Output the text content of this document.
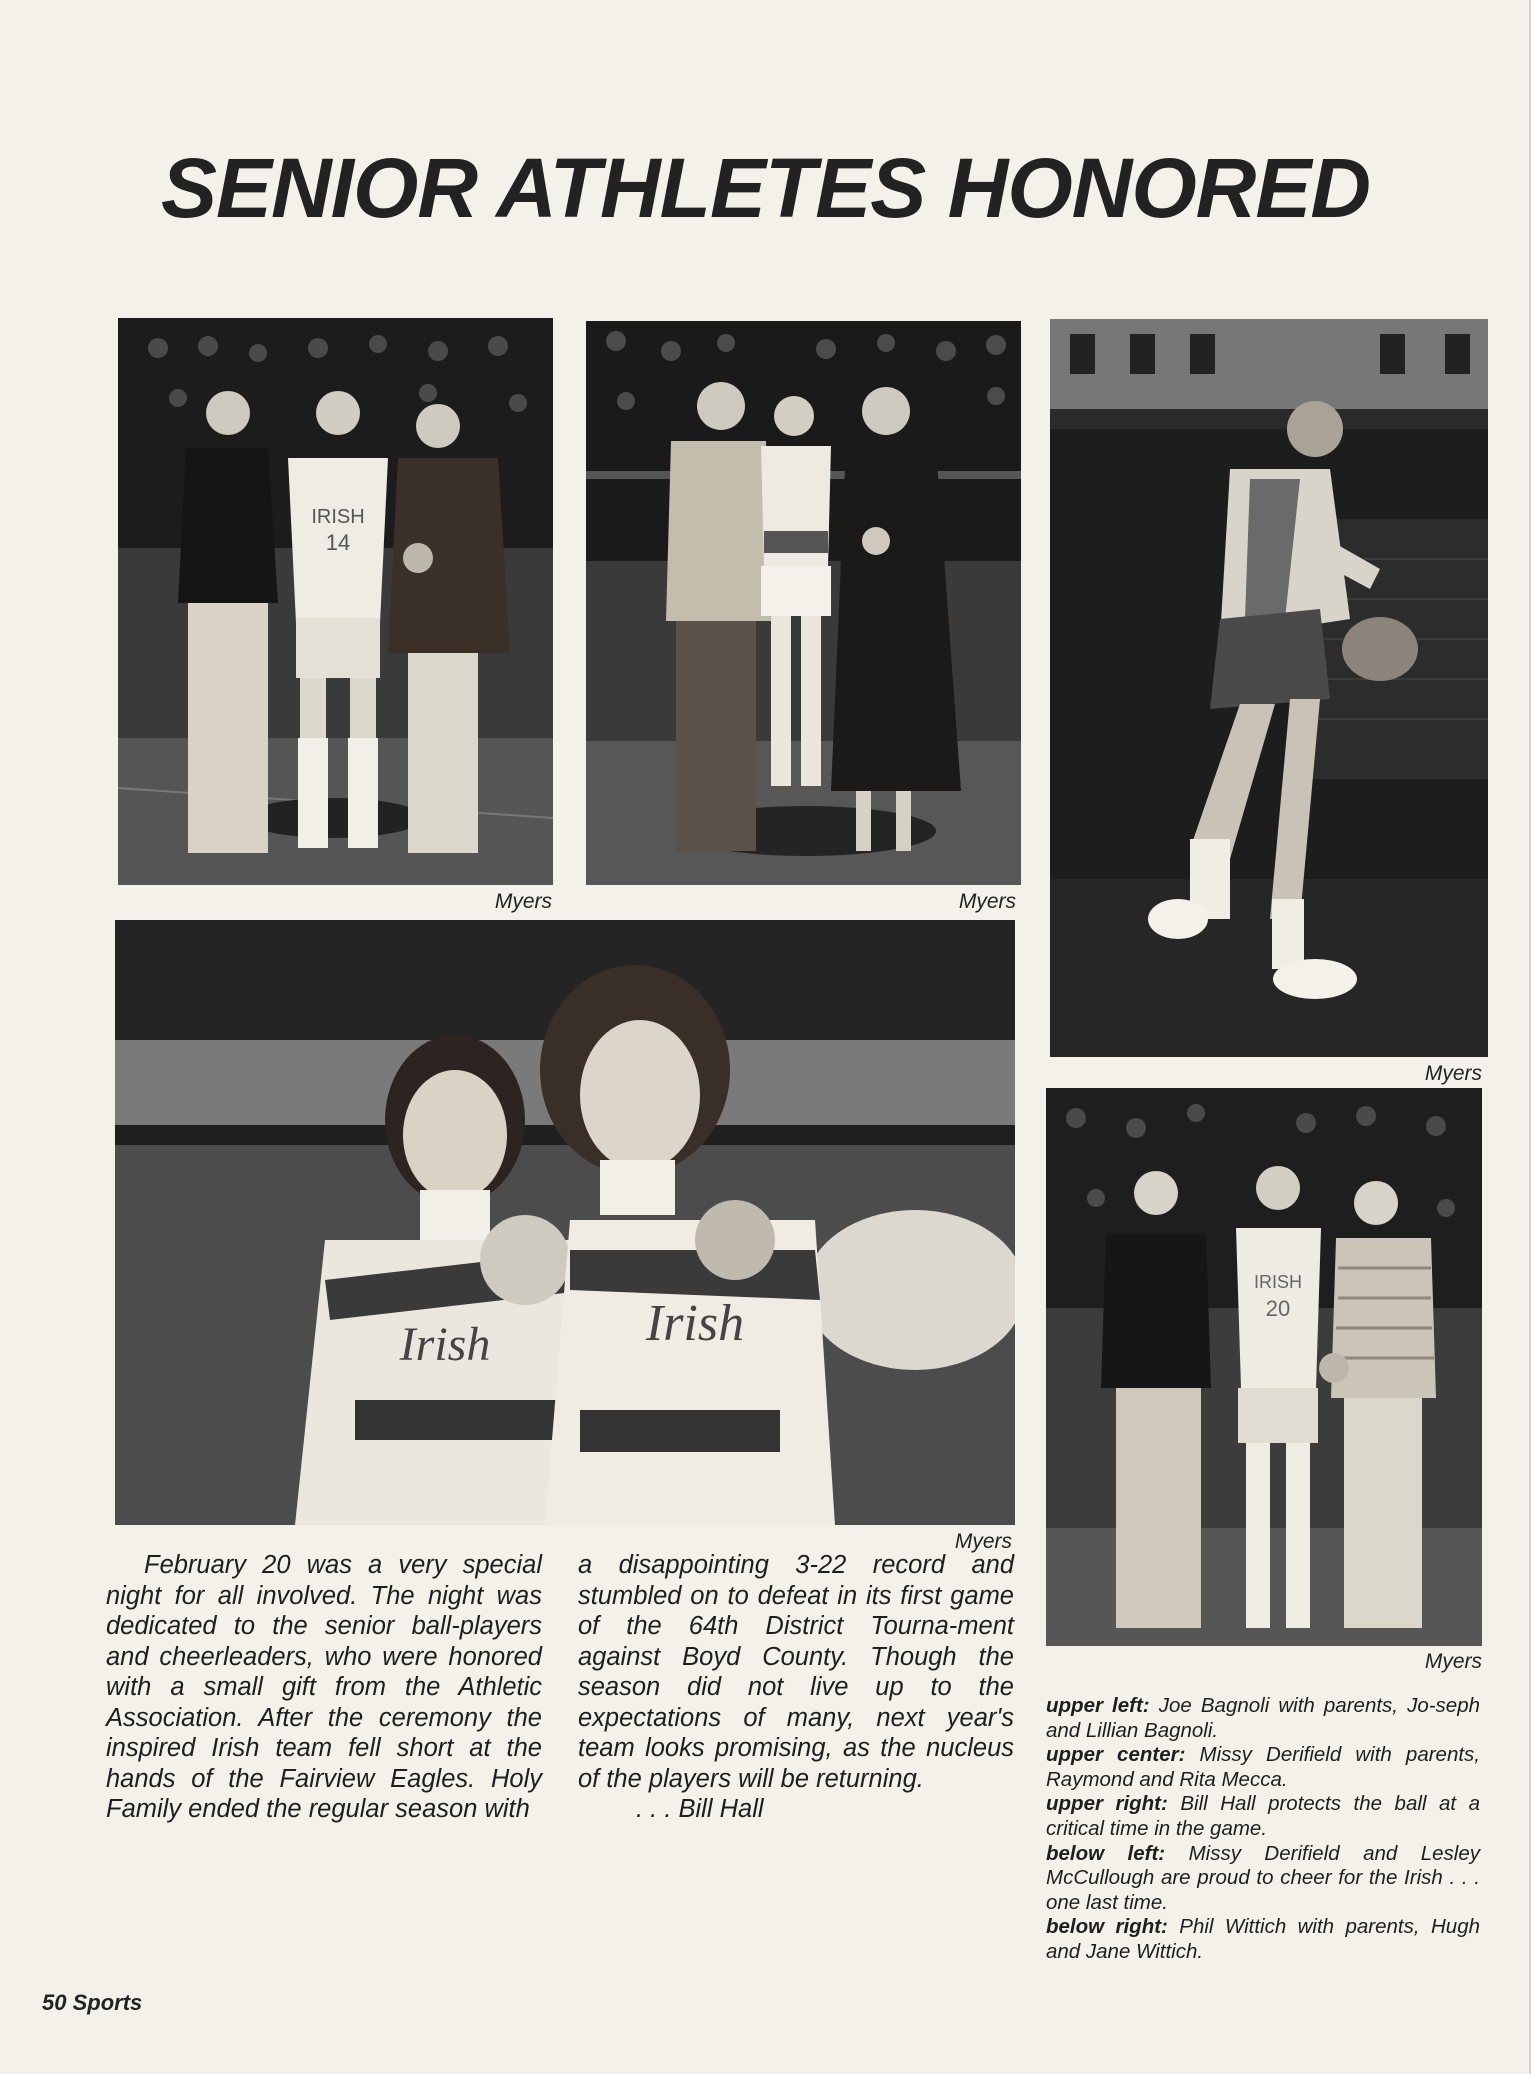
SENIOR ATHLETES HONORED
IRISH
14
Myers	Myers
Myers
Irish	Irish
Myers
IRISH
20
Myers

February 20 was a very special night for all involved. The night was dedicated to the senior ball-players and cheerleaders, who were honored with a small gift from the Athletic Association. After the ceremony the inspired Irish team fell short at the hands of the Fairview Eagles. Holy Family ended the regular season with

a disappointing 3-22 record and stumbled on to defeat in its first game of the 64th District Tourna-ment against Boyd County. Though the season did not live up to the expectations of many, next year's team looks promising, as the nucleus of the players will be returning.

. . . Bill Hall

upper left: Joe Bagnoli with parents, Jo-seph and Lillian Bagnoli.

upper center: Missy Derifield with parents, Raymond and Rita Mecca.

upper right: Bill Hall protects the ball at a critical time in the game.

below left: Missy Derifield and Lesley McCullough are proud to cheer for the Irish . . . one last time.

below right: Phil Wittich with parents, Hugh and Jane Wittich.

50 Sports
